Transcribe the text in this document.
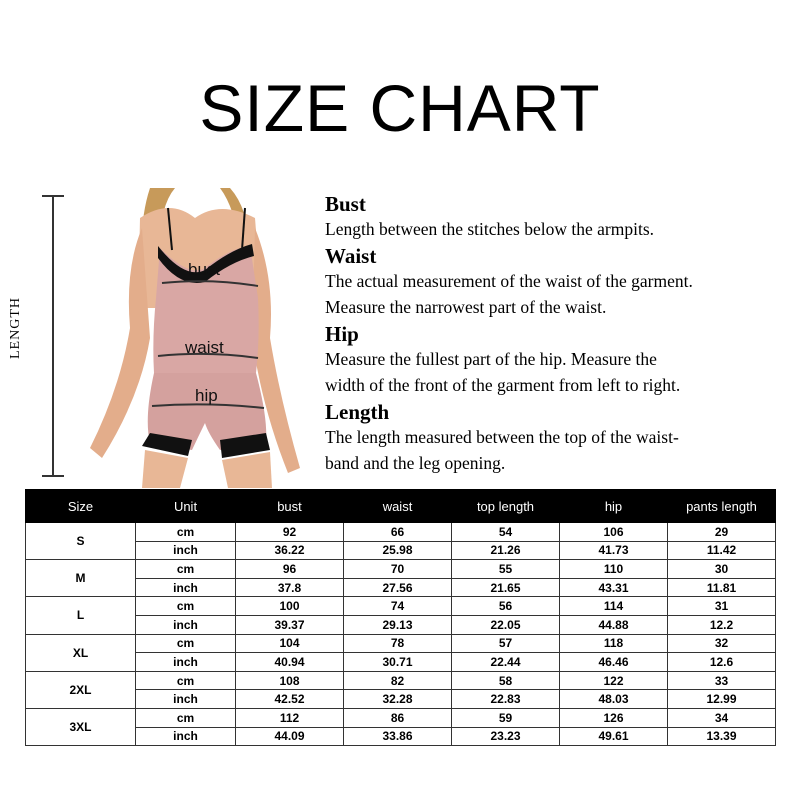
SIZE CHART
LENGTH
bust
waist
hip

Bust

Length between the stitches below the armpits.

Waist

The actual measurement of the waist of the garment.

Measure the narrowest part of the waist.

Hip

Measure the fullest part of the hip. Measure the

width of the front of the garment from left to right.

Length

The length measured between the top of the waist-

band and the leg opening.

Size	Unit	bust	waist	top length	hip	pants length
S	cm	92	66	54	106	29
	inch	36.22	25.98	21.26	41.73	11.42
M	cm	96	70	55	110	30
	inch	37.8	27.56	21.65	43.31	11.81
L	cm	100	74	56	114	31
	inch	39.37	29.13	22.05	44.88	12.2
XL	cm	104	78	57	118	32
	inch	40.94	30.71	22.44	46.46	12.6
2XL	cm	108	82	58	122	33
	inch	42.52	32.28	22.83	48.03	12.99
3XL	cm	112	86	59	126	34
	inch	44.09	33.86	23.23	49.61	13.39
